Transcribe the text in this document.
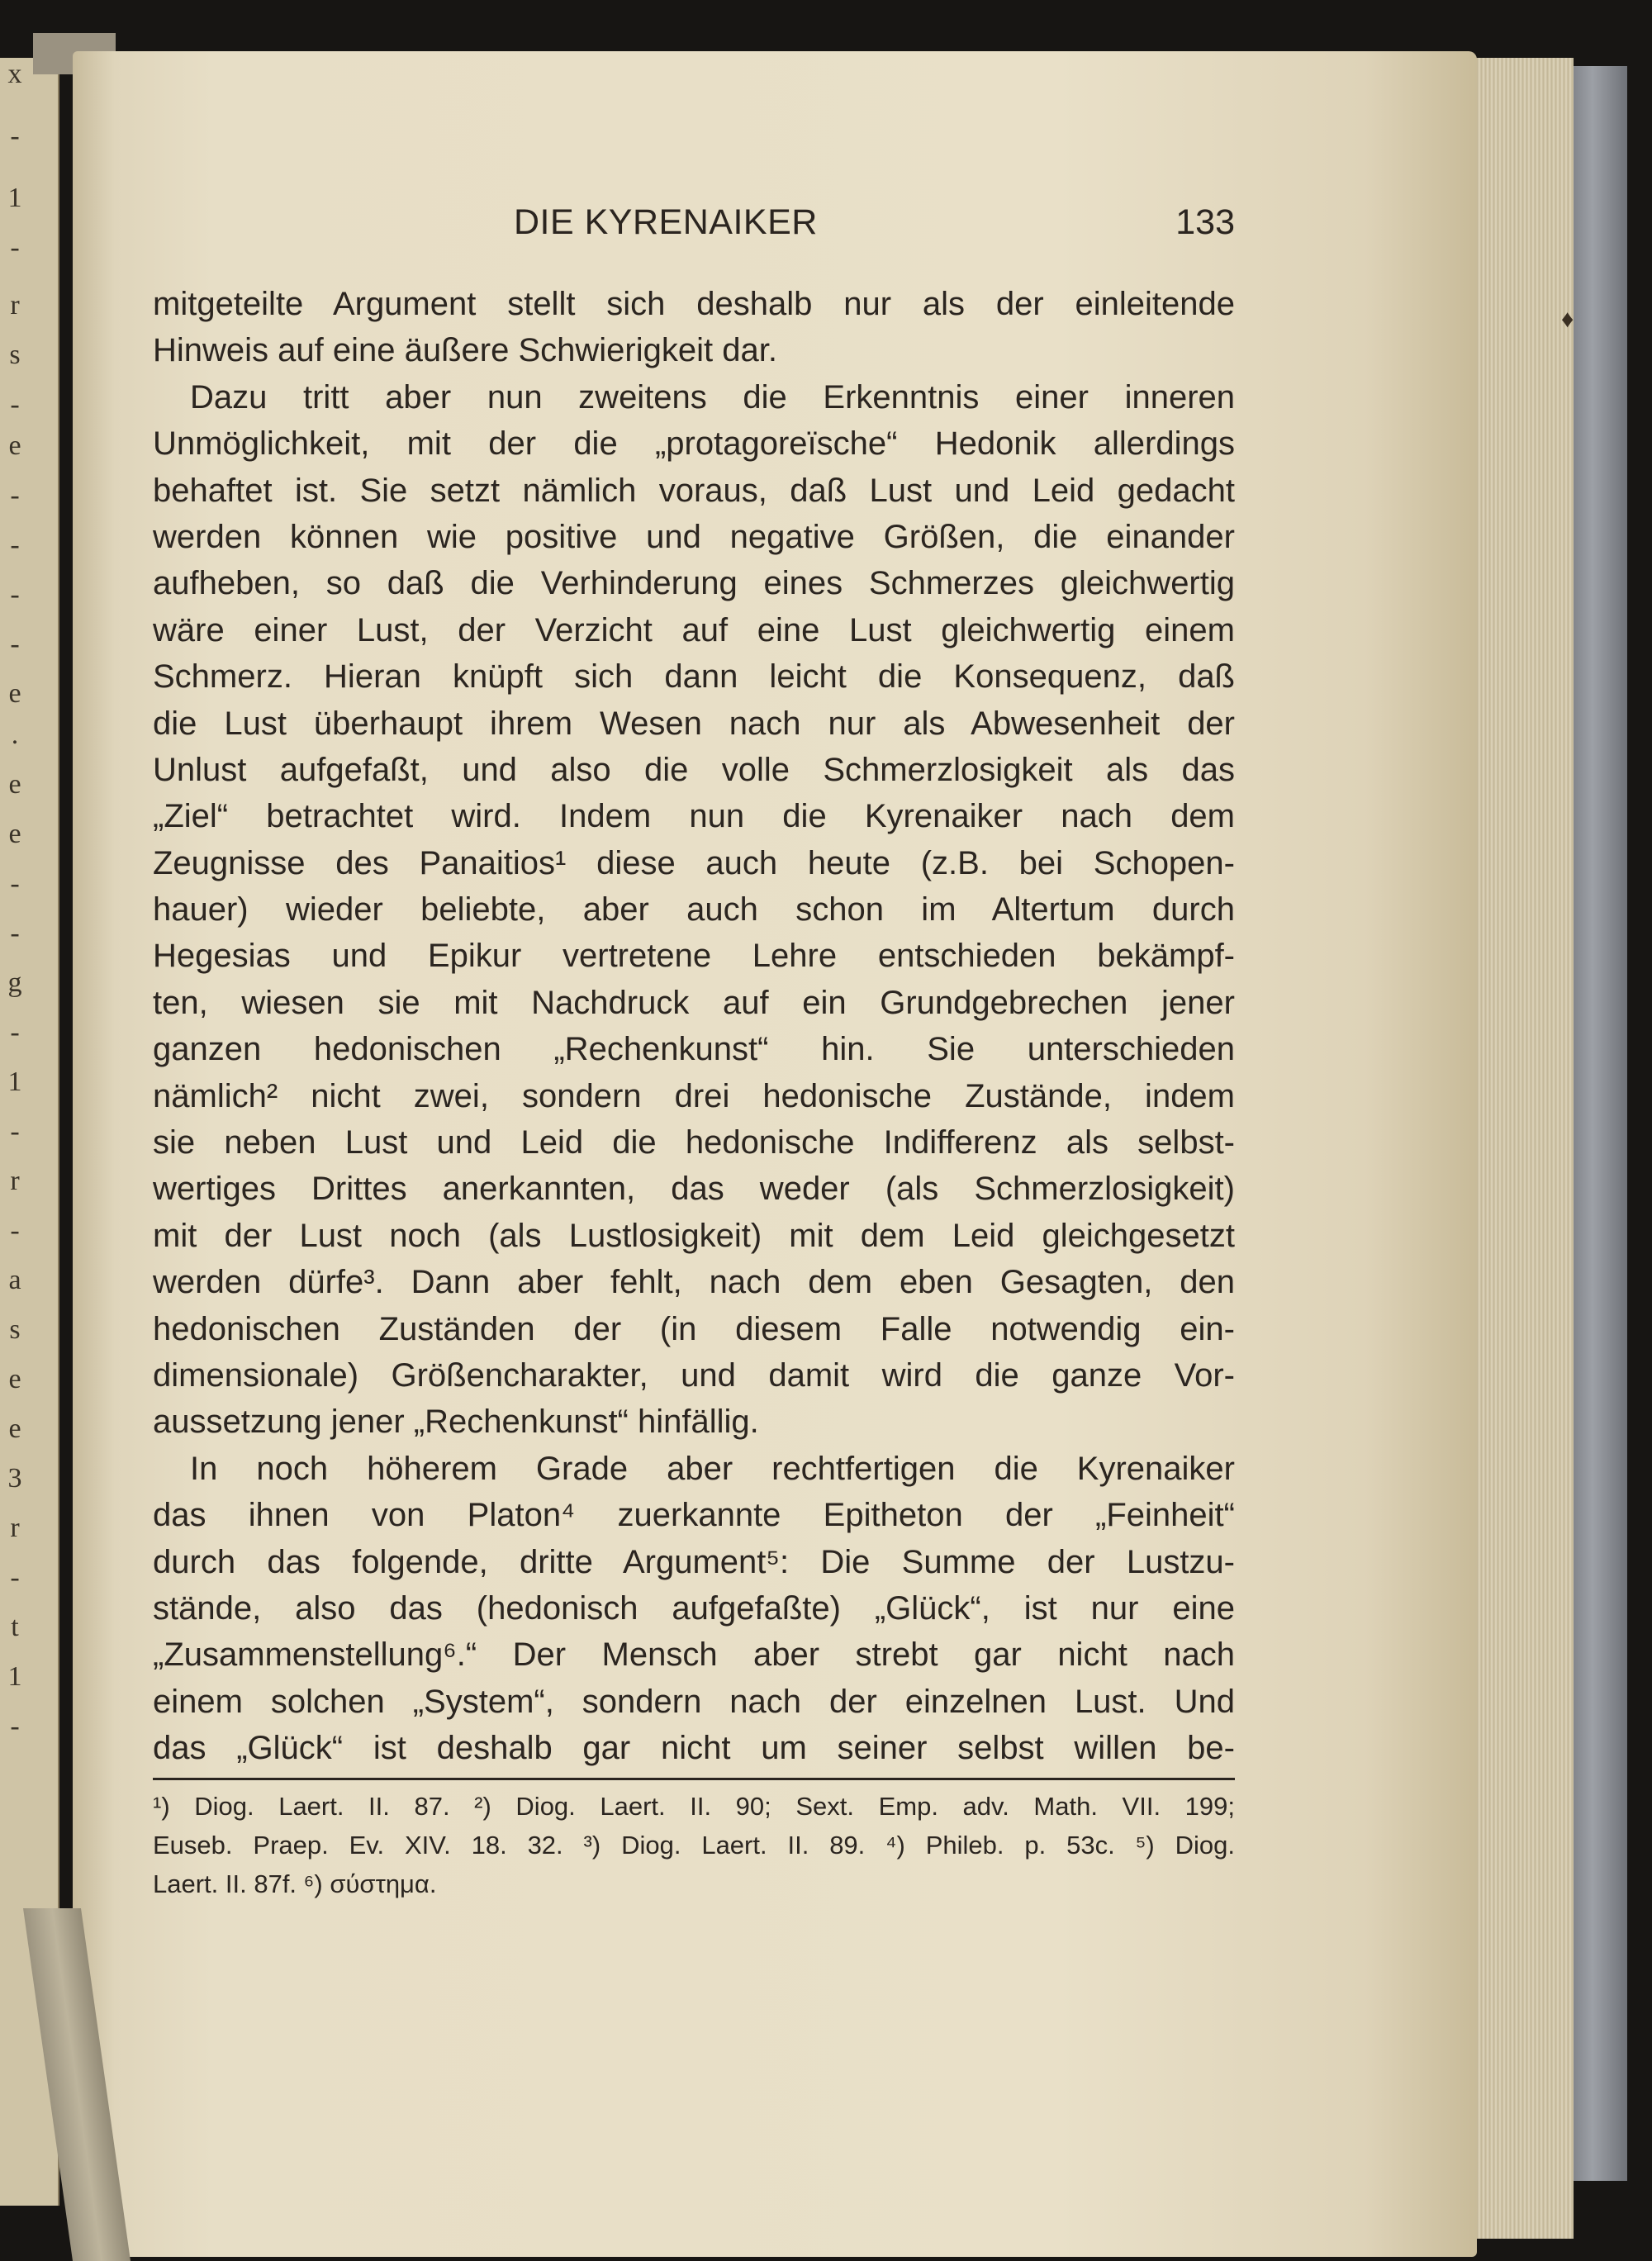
x
-
1
-
r
s
-
e
-
-
-
-
e
.
e
e
-
-
g
-
1
-
r
-
a
s
e
e
3
r
-
t
1
-
♦
DIE KYRENAIKER	133
mitgeteilte Argument stellt sich deshalb nur als der einleitende
Hinweis auf eine äußere Schwierigkeit dar.
Dazu tritt aber nun zweitens die Erkenntnis einer inneren
Unmöglichkeit, mit der die „protagoreïsche“ Hedonik allerdings
behaftet ist. Sie setzt nämlich voraus, daß Lust und Leid gedacht
werden können wie positive und negative Größen, die einander
aufheben, so daß die Verhinderung eines Schmerzes gleichwertig
wäre einer Lust, der Verzicht auf eine Lust gleichwertig einem
Schmerz. Hieran knüpft sich dann leicht die Konsequenz, daß
die Lust überhaupt ihrem Wesen nach nur als Abwesenheit der
Unlust aufgefaßt, und also die volle Schmerzlosigkeit als das
„Ziel“ betrachtet wird. Indem nun die Kyrenaiker nach dem
Zeugnisse des Panaitios¹ diese auch heute (z.B. bei Schopen-
hauer) wieder beliebte, aber auch schon im Altertum durch
Hegesias und Epikur vertretene Lehre entschieden bekämpf-
ten, wiesen sie mit Nachdruck auf ein Grundgebrechen jener
ganzen hedonischen „Rechenkunst“ hin. Sie unterschieden
nämlich² nicht zwei, sondern drei hedonische Zustände, indem
sie neben Lust und Leid die hedonische Indifferenz als selbst-
wertiges Drittes anerkannten, das weder (als Schmerzlosigkeit)
mit der Lust noch (als Lustlosigkeit) mit dem Leid gleichgesetzt
werden dürfe³. Dann aber fehlt, nach dem eben Gesagten, den
hedonischen Zuständen der (in diesem Falle notwendig ein-
dimensionale) Größencharakter, und damit wird die ganze Vor-
aussetzung jener „Rechenkunst“ hinfällig.
In noch höherem Grade aber rechtfertigen die Kyrenaiker
das ihnen von Platon⁴ zuerkannte Epitheton der „Feinheit“
durch das folgende, dritte Argument⁵: Die Summe der Lustzu-
stände, also das (hedonisch aufgefaßte) „Glück“, ist nur eine
„Zusammenstellung⁶.“ Der Mensch aber strebt gar nicht nach
einem solchen „System“, sondern nach der einzelnen Lust. Und
das „Glück“ ist deshalb gar nicht um seiner selbst willen be-
¹) Diog. Laert. II. 87. ²) Diog. Laert. II. 90; Sext. Emp. adv. Math. VII. 199;
Euseb. Praep. Ev. XIV. 18. 32. ³) Diog. Laert. II. 89. ⁴) Phileb. p. 53c. ⁵) Diog.
Laert. II. 87f. ⁶) σύστημα.
